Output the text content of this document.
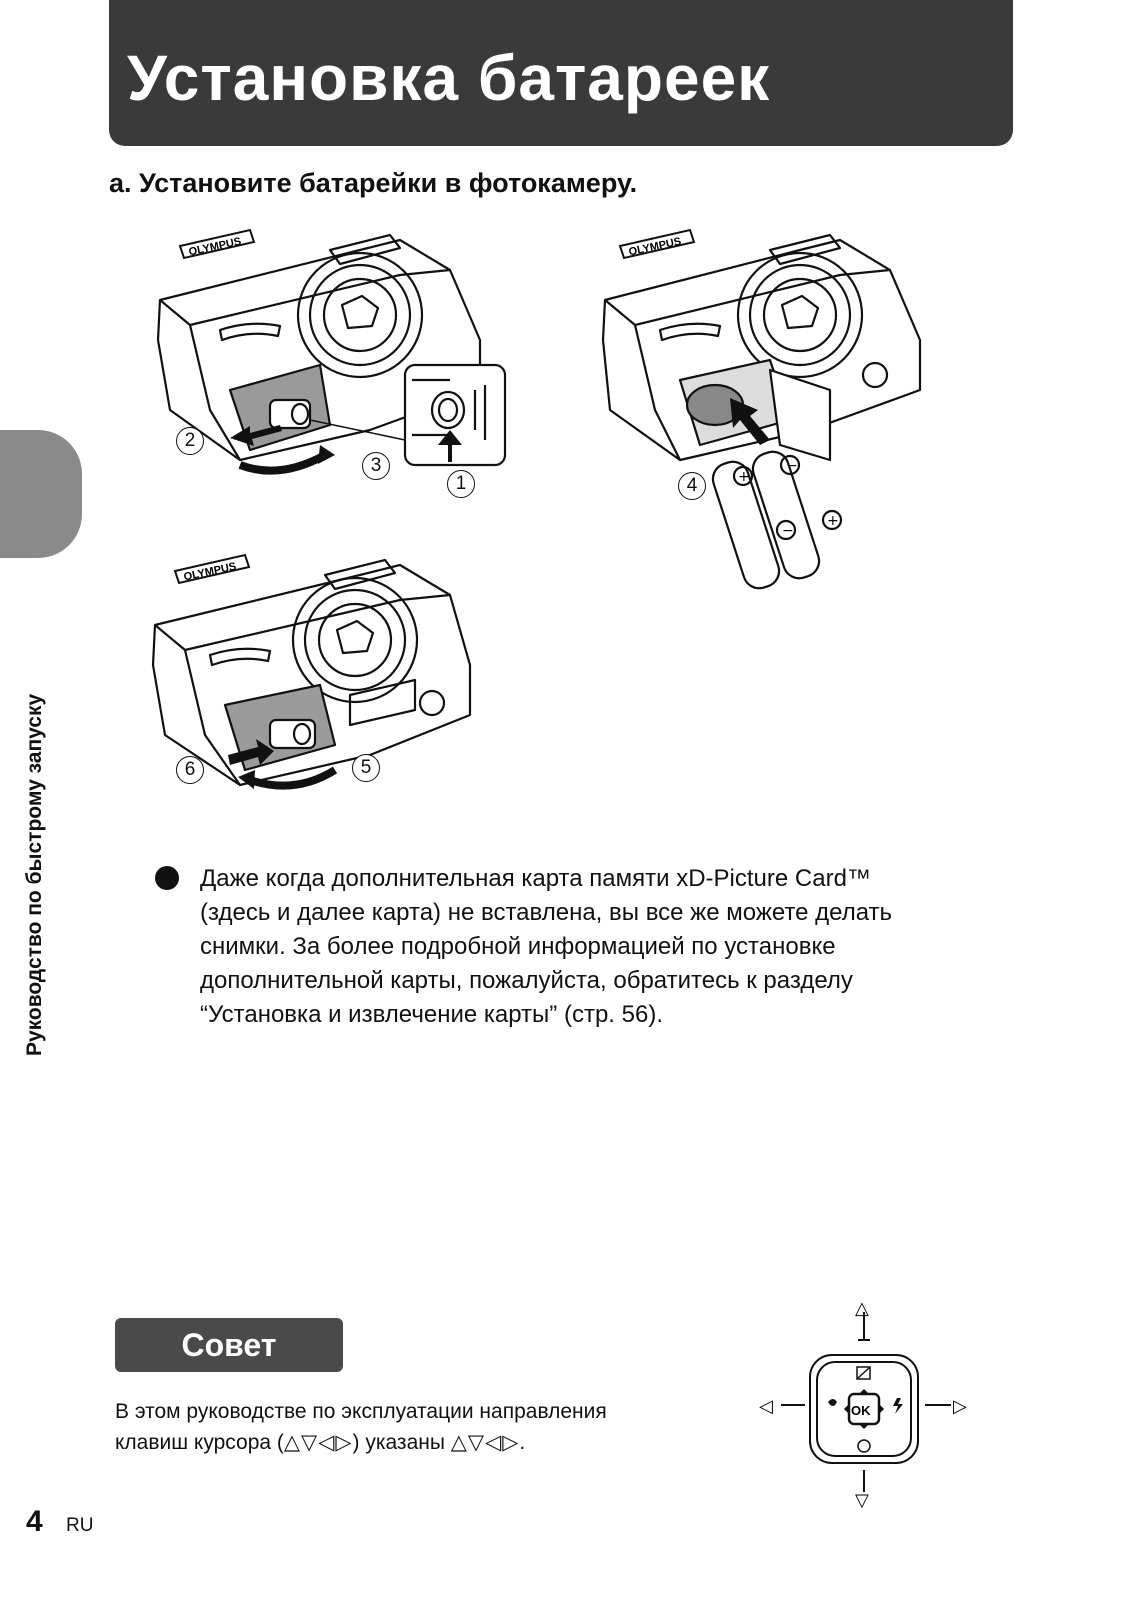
Установка батареек
a. Установите батарейки в фотокамеру.
Руководство по быстрому запуску
OLYMPUS
+
−
−
+
OLYMPUS
OLYMPUS
1
2
3
4
5
6

Даже когда дополнительная карта памяти xD-Picture Card™
(здесь и далее карта) не вставлена, вы все же можете делать
снимки. За более подробной информацией по установке
дополнительной карты, пожалуйста, обратитесь к разделу
“Установка и извлечение карты” (стр. 56).

Совет

В этом руководстве по эксплуатации направления
клавиш курсора (△▽◁▷) указаны △▽◁▷.

△
▽
◁	▷
OK
4 RU
